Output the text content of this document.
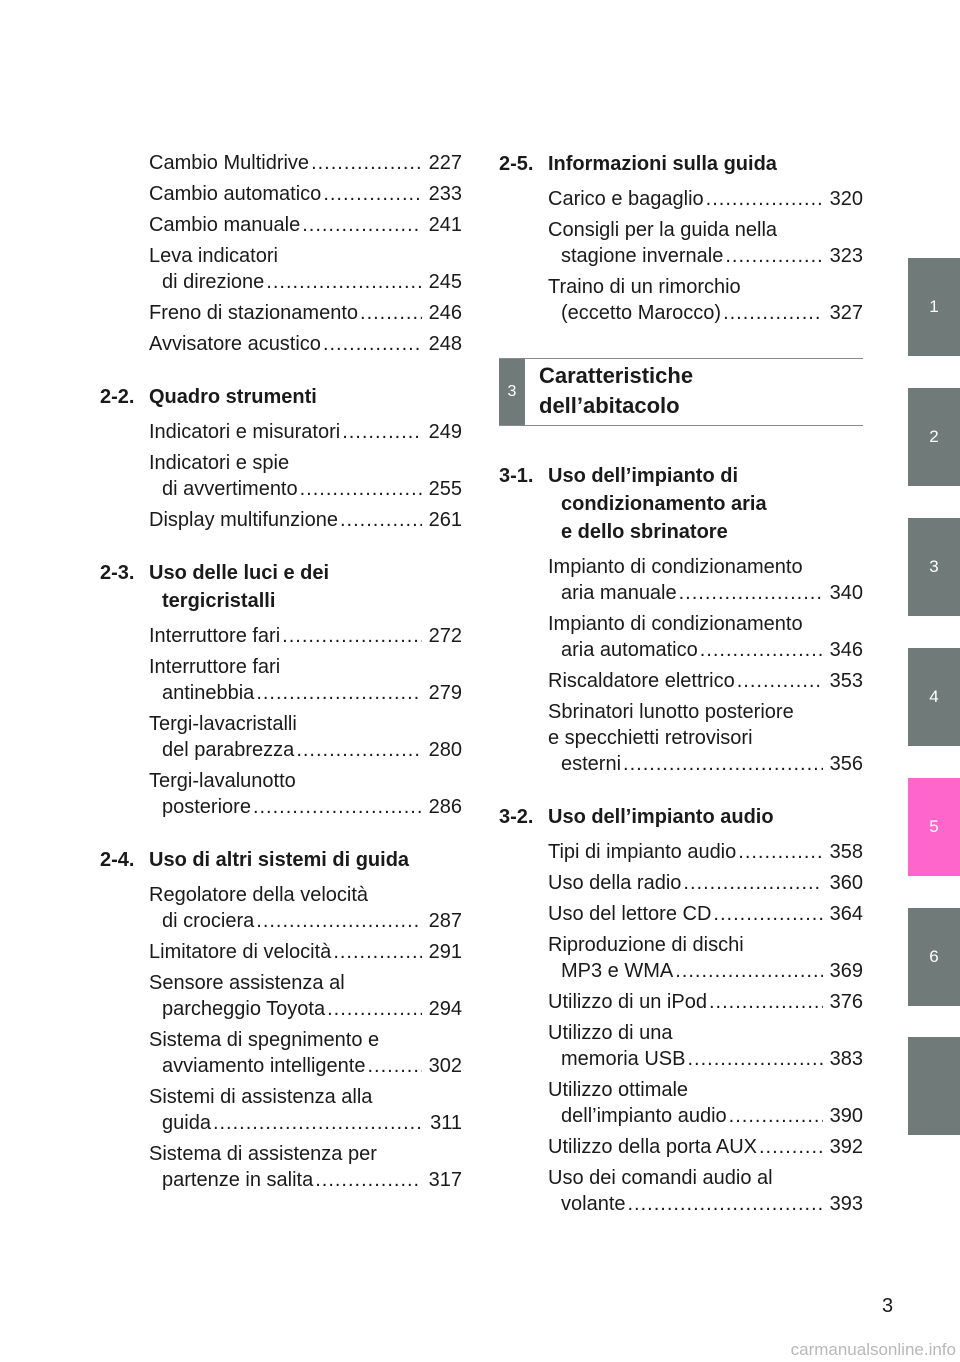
Cambio Multidrive .....	227
Cambio automatico .....	233
Cambio manuale .....	241
Leva indicatori
di direzione .....	245
Freno di stazionamento .....	246
Avvisatore acustico .....	248
2-2. Quadro strumenti

Indicatori e misuratori .....	249
Indicatori e spie
di avvertimento .....	255
Display multifunzione .....	261
2-3. Uso delle luci e dei

tergicristalli
Interruttore fari .....	272
Interruttore fari
antinebbia .....	279
Tergi-lavacristalli
del parabrezza .....	280
Tergi-lavalunotto
posteriore .....	286
2-4. Uso di altri sistemi di guida

Regolatore della velocità
di crociera .....	287
Limitatore di velocità .....	291
Sensore assistenza al
parcheggio Toyota .....	294
Sistema di spegnimento e
avviamento intelligente .....	302
Sistemi di assistenza alla
guida .....	311
Sistema di assistenza per
partenze in salita .....	317
2-5. Informazioni sulla guida

Carico e bagaglio .....	320
Consigli per la guida nella
stagione invernale .....	323
Traino di un rimorchio
(eccetto Marocco) .....	327
3
Caratteristiche
dell’abitacolo
3-1. Uso dell’impianto di

condizionamento aria
e dello sbrinatore
Impianto di condizionamento
aria manuale .....	340
Impianto di condizionamento
aria automatico .....	346
Riscaldatore elettrico .....	353
Sbrinatori lunotto posteriore
e specchietti retrovisori
esterni .....	356
3-2. Uso dell’impianto audio

Tipi di impianto audio .....	358
Uso della radio .....	360
Uso del lettore CD .....	364
Riproduzione di dischi
MP3 e WMA .....	369
Utilizzo di un iPod .....	376
Utilizzo di una
memoria USB .....	383
Utilizzo ottimale
dell’impianto audio .....	390
Utilizzo della porta AUX .....	392
Uso dei comandi audio al
volante .....	393
1
2
3
4
5
6
3
carmanualsonline.info
